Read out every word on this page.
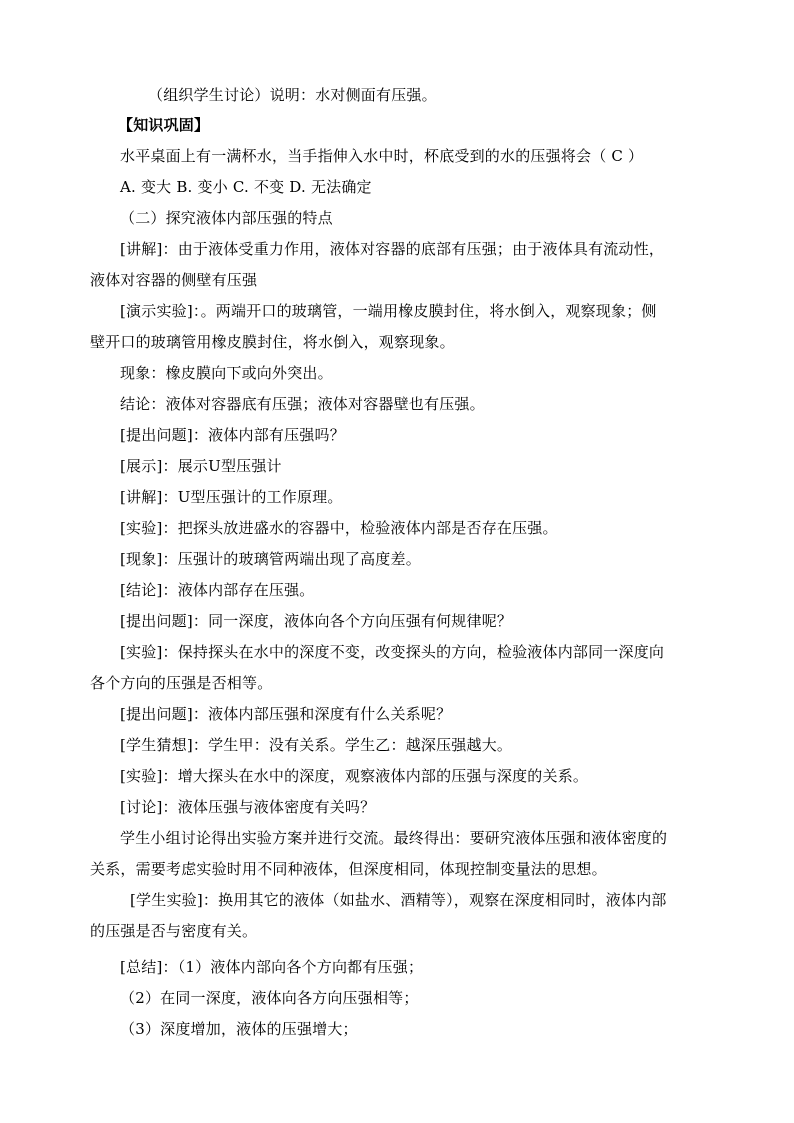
（组织学生讨论）说明：水对侧面有压强。
【知识巩固】
水平桌面上有一满杯水，当手指伸入水中时，杯底受到的水的压强将会（ C ）
A. 变大 B. 变小 C. 不变 D. 无法确定
（二）探究液体内部压强的特点
[讲解]：由于液体受重力作用，液体对容器的底部有压强；由于液体具有流动性，
液体对容器的侧壁有压强
[演示实验]：。两端开口的玻璃管，一端用橡皮膜封住，将水倒入，观察现象；侧
壁开口的玻璃管用橡皮膜封住，将水倒入，观察现象。
现象：橡皮膜向下或向外突出。
结论：液体对容器底有压强；液体对容器壁也有压强。
[提出问题]：液体内部有压强吗？
[展示]：展示U型压强计
[讲解]：U型压强计的工作原理。
[实验]：把探头放进盛水的容器中，检验液体内部是否存在压强。
[现象]：压强计的玻璃管两端出现了高度差。
[结论]：液体内部存在压强。
[提出问题]：同一深度，液体向各个方向压强有何规律呢？
[实验]：保持探头在水中的深度不变，改变探头的方向，检验液体内部同一深度向
各个方向的压强是否相等。
[提出问题]：液体内部压强和深度有什么关系呢？
[学生猜想]：学生甲：没有关系。学生乙：越深压强越大。
[实验]：增大探头在水中的深度，观察液体内部的压强与深度的关系。
[讨论]：液体压强与液体密度有关吗？
学生小组讨论得出实验方案并进行交流。最终得出：要研究液体压强和液体密度的
关系，需要考虑实验时用不同种液体，但深度相同，体现控制变量法的思想。
[学生实验]：换用其它的液体（如盐水、酒精等），观察在深度相同时，液体内部
的压强是否与密度有关。
[总结]：（1）液体内部向各个方向都有压强；
（2）在同一深度，液体向各方向压强相等；
（3）深度增加，液体的压强增大；
